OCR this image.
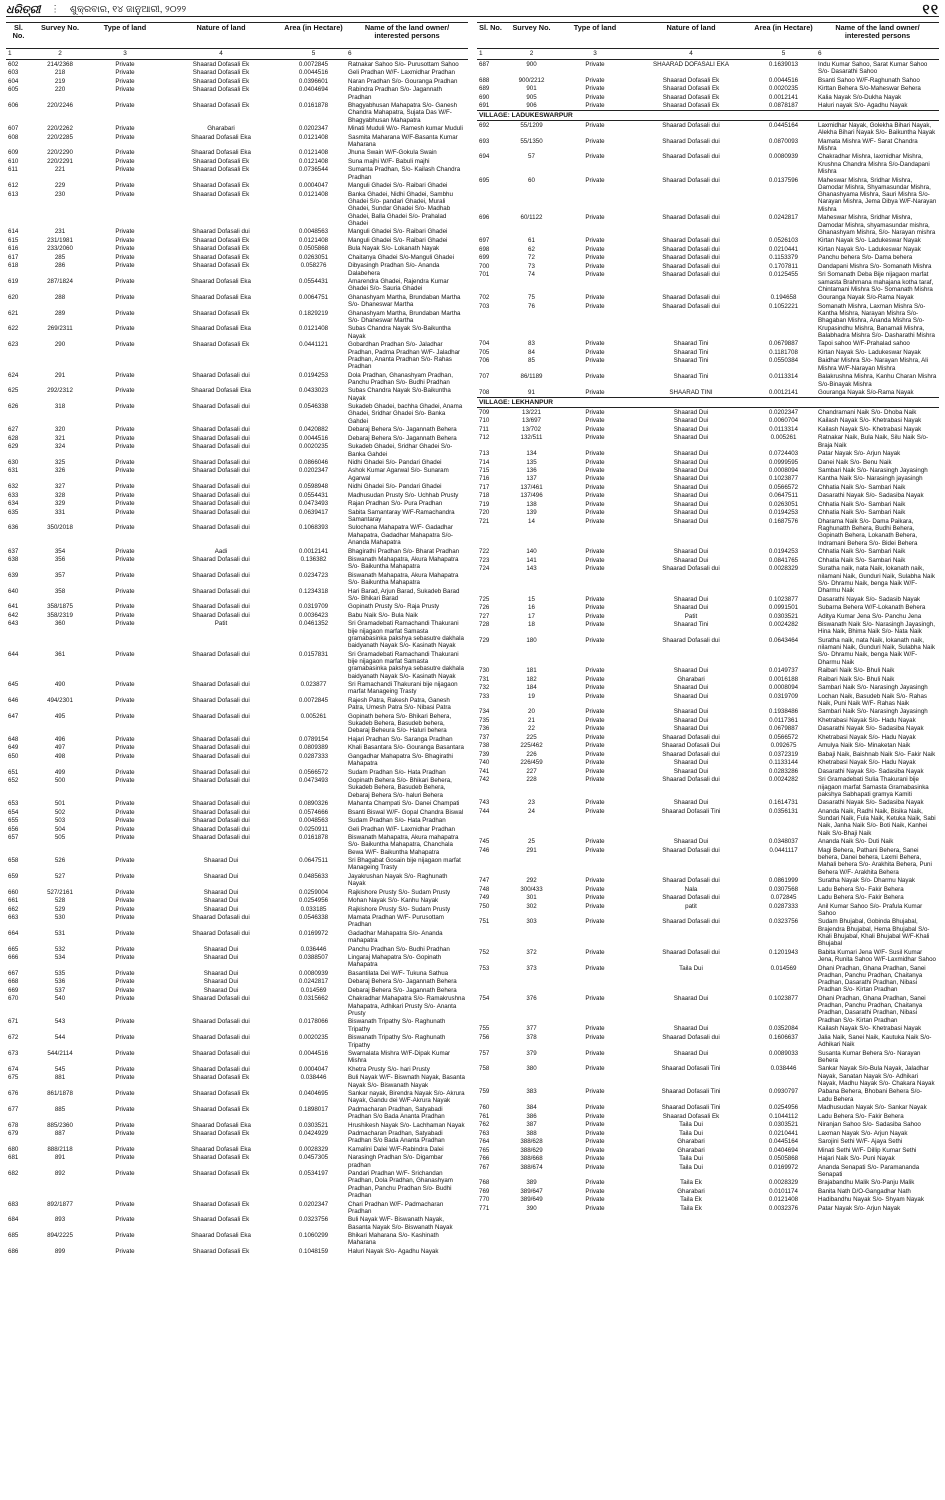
ଧରିତ୍ରୀ ⋮ ଶୁକ୍ରବାର, ୧୪ ଜାନୁଆରୀ, ୨୦୨୨	୧୧
Sl. No.	Survey No.	Type of land	Nature of land	Area (in Hectare)	Name of the land owner/ interested persons
1	2	3	4	5	6
602	214/2368	Private	Shaarad Dofasali Ek	0.0072845	Ratnakar Sahoo S/o- Purusottam Sahoo
603	218	Private	Shaarad Dofasali Ek	0.0044516	Geli Pradhan W/F- Laxmidhar Pradhan
604	219	Private	Shaarad Dofasali Ek	0.0396601	Naran Pradhan S/o- Gouranga Pradhan
605	220	Private	Shaarad Dofasali Ek	0.0404694	Rabindra Pradhan S/o- Jagannath Pradhan
606	220/2246	Private	Shaarad Dofasali Ek	0.0161878	Bhagyabhusan Mahapatra S/o- Ganesh Chandra Mahapatra, Sujata Das W/F- Bhagyabhusan Mahapatra
607	220/2262	Private	Gharabari	0.0202347	Minati Muduli W/o- Ramesh kumar Muduli
608	220/2285	Private	Shaarad Dofasali Eka	0.0121408	Sasmita Maharana W/F-Basanta Kumar Maharana
609	220/2290	Private	Shaarad Dofasali Eka	0.0121408	Jhuna Swain W/F-Gokula Swain
610	220/2291	Private	Shaarad Dofasali Ek	0.0121408	Suna majhi W/F- Babuli majhi
611	221	Private	Shaarad Dofasali Ek	0.0736544	Sumanta Pradhan, S/o- Kailash Chandra Pradhan
612	229	Private	Shaarad Dofasali Ek	0.0004047	Manguli Ghadei S/o- Raibari Ghadei
613	230	Private	Shaarad Dofasali Ek	0.0121408	Banka Ghadei, Nidhi Ghadei, Sambhu Ghadei S/o- pandari Ghadei, Murali Ghadei, Sundar Ghadei S/o- Madhab Ghadei, Balla Ghadei S/o- Prahalad Ghadei
614	231	Private	Shaarad Dofasali dui	0.0048563	Manguli Ghadei S/o- Raibari Ghadei
615	231/1981	Private	Shaarad Dofasali Ek	0.0121408	Manguli Ghadei S/o- Raibari Ghadei
616	233/2060	Private	Shaarad Dofasali Ek	0.0505868	Bula Nayak S/o- Lokanath Nayak
617	285	Private	Shaarad Dofasali Ek	0.0263051	Chaitanya Ghadei S/o-Manguli Ghadei
618	286	Private	Shaarad Dofasali Ek	0.058276	Dibyasingh Pradhan S/o- Ananda Dalabehera
619	287/1824	Private	Shaarad Dofasali Eka	0.0554431	Amarendra Ghadei, Rajendra Kumar Ghadei S/o- Sauria Ghadei
620	288	Private	Shaarad Dofasali Eka	0.0064751	Ghanashyam Martha, Brundaban Martha S/o- Dhaneswar Martha
621	289	Private	Shaarad Dofasali Ek	0.1829219	Ghanashyam Martha, Brundaban Martha S/o- Dhaneswar Martha
622	269/2311	Private	Shaarad Dofasali Eka	0.0121408	Subas Chandra Nayak S/o-Baikuntha Nayak
623	290	Private	Shaarad Dofasali Ek	0.0441121	Gobardhan Pradhan S/o- Jaladhar Pradhan, Padma Pradhan W/F- Jaladhar Pradhan, Ananta Pradhan S/o- Rahas Pradhan
624	291	Private	Shaarad Dofasali dui	0.0194253	Dola Pradhan, Ghanashyam Pradhan, Panchu Pradhan S/o- Budhi Pradhan
625	292/2312	Private	Shaarad Dofasali Eka	0.0433023	Subas Chandra Nayak S/o-Baikuntha Nayak
626	318	Private	Shaarad Dofasali dui	0.0546338	Sukadeb Ghadei, bachha Ghadei, Anama Ghadei, Sridhar Ghadei S/o- Banka Gahdei
627	320	Private	Shaarad Dofasali dui	0.0420882	Debaraj Behera S/o- Jagannath Behera
628	321	Private	Shaarad Dofasali dui	0.0044516	Debaraj Behera S/o- Jagannath Behera
629	324	Private	Shaarad Dofasali dui	0.0020235	Sukadeb Ghadei, Sridhar Ghadei S/o- Banka Gahdei
630	325	Private	Shaarad Dofasali dui	0.0866046	Nidhi Ghadei S/o- Pandari Ghadei
631	326	Private	Shaarad Dofasali dui	0.0202347	Ashok Kumar Agarwal S/o- Sunaram Agarwal
632	327	Private	Shaarad Dofasali dui	0.0598948	Nidhi Ghadei S/o- Pandari Ghadei
633	328	Private	Shaarad Dofasali dui	0.0554431	Madhusudan Prusty S/o- Uchhab Prusty
634	329	Private	Shaarad Dofasali dui	0.0473493	Rajan Pradhan S/o- Pura Pradhan
635	331	Private	Shaarad Dofasali dui	0.0639417	Sabita Samantaray W/F-Ramachandra Samantaray
636	350/2018	Private	Shaarad Dofasali dui	0.1068393	Sulochana Mahapatra W/F- Gadadhar Mahapatra, Gadadhar Mahapatra S/o- Ananda Mahapatra
637	354	Private	Aadi	0.0012141	Bhagirathi Pradhan S/o- Bharat Pradhan
638	356	Private	Shaarad Dofasali dui	0.136382	Biswanath Mahapatra, Akura Mahapatra S/o- Baikuntha Mahapatra
639	357	Private	Shaarad Dofasali dui	0.0234723	Biswanath Mahapatra, Akura Mahapatra S/o- Baikuntha Mahapatra
640	358	Private	Shaarad Dofasali dui	0.1234318	Hari Barad, Arjun Barad, Sukadeb Barad S/o- Bhikari Barad
641	358/1875	Private	Shaarad Dofasali dui	0.0319709	Gopinath Prusty S/o- Raja Prusty
642	358/2319	Private	Shaarad Dofasali dui	0.0036423	Babu Naik S/o- Bula Naik
643	360	Private	Patit	0.0461352	Sri Gramadebati Ramachandi Thakurani bije nijagaon marfat Samasta gramabasinka pakshya sebasutre dakhala baidyanath Nayak S/o- Kasinath Nayak
644	361	Private	Shaarad Dofasali dui	0.0157831	Sri Gramadebati Ramachandi Thakurani bije nijagaon marfat Samasta gramabasinka pakshya sebasutre dakhala baidyanath Nayak S/o- Kasinath Nayak
645	490	Private	Shaarad Dofasali dui	0.023877	Sri Ramachandi Thakurani bije nijagaon marfat Manageing Trasty
646	494/2301	Private	Shaarad Dofasali dui	0.0072845	Rajesh Patra, Rakesh Patra, Ganesh Patra, Umesh Patra S/o- Nibasi Patra
647	495	Private	Shaarad Dofasali dui	0.005261	Gopinath behera S/o- Bhikari Behera, Sukadeb Behera, Basudeb behera, Debaraj Beheura S/o- Haluri behera
648	496	Private	Shaarad Dofasali dui	0.0789154	Hajari Pradhan S/o- Saranga Pradhan
649	497	Private	Shaarad Dofasali dui	0.0809389	Khali Basantara S/o- Gouranga Basantara
650	498	Private	Shaarad Dofasali dui	0.0287333	Gangadhar Mahapatra S/o- Bhagirathi Mahapatra
651	499	Private	Shaarad Dofasali dui	0.0566572	Sudam Pradhan S/o- Hata Pradhan
652	500	Private	Shaarad Dofasali dui	0.0473493	Gopinath Behera S/o- Bhikari Behera, Sukadeb Behera, Basudeb Behera, Debaraj Behera S/o- haluri Behera
653	501	Private	Shaarad Dofasali dui	0.0890326	Mahanta Champati S/o- Danei Champati
654	502	Private	Shaarad Dofasali dui	0.0574666	Bsanti Biswal W/F- Gopal Chandra Biswal
655	503	Private	Shaarad Dofasali dui	0.0048563	Sudam Pradhan S/o- Hata Pradhan
656	504	Private	Shaarad Dofasali dui	0.0250911	Geli Pradhan W/F- Laxmidhar Pradhan
657	505	Private	Shaarad Dofasali dui	0.0161878	Biswanath Mahapatra, Akura mahapatra S/o- Baikuntha Mahapatra, Chanchala Bewa W/F- Baikuntha Mahapatra
658	526	Private	Shaarad Dui	0.0647511	Sri Bhagabat Gosain bije nijagaon marfat Manageing Trasty
659	527	Private	Shaarad Dui	0.0485633	Jayakrushan Nayak S/o- Raghunath Nayak
660	527/2161	Private	Shaarad Dui	0.0259004	Rajkishore Prusty S/o- Sudam Prusty
661	528	Private	Shaarad Dui	0.0254956	Mohan Nayak S/o- Kanhu Nayak
662	529	Private	Shaarad Dui	0.033185	Rajkishore Prusty S/o- Sudam Prusty
663	530	Private	Shaarad Dofasali dui	0.0546338	Mamata Pradhan W/F- Purusottam Pradhan
664	531	Private	Shaarad Dofasali dui	0.0169972	Gadadhar Mahapatra S/o- Ananda mahapatra
665	532	Private	Shaarad Dui	0.036446	Panchu Pradhan S/o- Budhi Pradhan
666	534	Private	Shaarad Dui	0.0388507	Lingaraj Mahapatra S/o- Gopinath Mahapatra
667	535	Private	Shaarad Dui	0.0080939	Basantilata Dei W/F- Tukuna Sathua
668	536	Private	Shaarad Dui	0.0242817	Debaraj Behera S/o- Jagannath Behera
669	537	Private	Shaarad Dui	0.014569	Debaraj Behera S/o- Jagannath Behera
670	540	Private	Shaarad Dofasali dui	0.0315662	Chakradhar Mahapatra S/o- Ramakrushna Mahapatra, Adhikari Prusty S/o- Ananta Prusty
671	543	Private	Shaarad Dofasali dui	0.0178066	Biswanath Tripathy S/o- Raghunath Tripathy
672	544	Private	Shaarad Dofasali dui	0.0020235	Biswanath Tripathy S/o- Raghunath Tripathy
673	544/2114	Private	Shaarad Dofasali dui	0.0044516	Swarnalata Mishra W/F-Dipak Kumar Mishra
674	545	Private	Shaarad Dofasali dui	0.0004047	Khetra Prusty S/o- hari Prusty
675	881	Private	Shaarad Dofasali Ek	0.038446	Buli Nayak W/F- Biswnath Nayak, Basanta Nayak S/o- Biswanath Nayak
676	861/1878	Private	Shaarad Dofasali Ek	0.0404695	Sankar nayak, Birendra Nayak S/o- Akrura Nayak, Gandu dei W/F-Akrura Nayak
677	885	Private	Shaarad Dofasali Ek	0.1898017	Padmacharan Pradhan, Satyabadi Pradhan S/o Bada Ananta Pradhan
678	885/2360	Private	Shaarad Dofasali Eka	0.0303521	Hrushikesh Nayak S/o- Lachhaman Nayak
679	887	Private	Shaarad Dofasali Ek	0.0424929	Padmacharan Pradhan, Satyabadi Pradhan S/o Bada Ananta Pradhan
680	888/2118	Private	Shaarad Dofasali Eka	0.0028329	Kamalini Dalei W/F-Rabindra Dalei
681	891	Private	Shaarad Dofasali Ek	0.0457305	Narasingh Pradhan S/o- Digambar pradhan
682	892	Private	Shaarad Dofasali Ek	0.0534197	Pandari Pradhan W/F- Srichandan Pradhan, Dola Pradhan, Ghanashyam Pradhan, Panchu Pradhan S/o- Budhi Pradhan
683	892/1877	Private	Shaarad Dofasali Ek	0.0202347	Chari Pradhan W/F- Padmacharan Pradhan
684	893	Private	Shaarad Dofasali Ek	0.0323756	Buli Nayak W/F- Biswanath Nayak, Basanta Nayak S/o- Biswanath Nayak
685	894/2225	Private	Shaarad Dofasali Eka	0.1060299	Bhikari Maharana S/o- Kashinath Maharana
686	899	Private	Shaarad Dofasali Ek	0.1048159	Haluri Nayak S/o- Agadhu Nayak
Sl. No.	Survey No.	Type of land	Nature of land	Area (in Hectare)	Name of the land owner/ interested persons
1	2	3	4	5	6
687	900	Private	SHAARAD DOFASALI EKA	0.1639013	Indu Kumar Sahoo, Sarat Kumar Sahoo S/o- Dasarathi Sahoo
688	900/2212	Private	Shaarad Dofasali Ek	0.0044516	Bsanti Sahoo W/F-Raghunath Sahoo
689	901	Private	Shaarad Dofasali Ek	0.0020235	Kirttan Behera S/o-Maheswar Behera
690	905	Private	Shaarad Dofasali Ek	0.0012141	Kalia Nayak S/o-Dukha Nayak
691	906	Private	Shaarad Dofasali Ek	0.0878187	Haluri nayak S/o- Agadhu Nayak
VILLAGE: LADUKESWARPUR					
692	55/1209	Private	Shaarad Dofasali dui	0.0445164	Laxmidhar Nayak, Golekha Bihari Nayak, Alekha Bihari Nayak S/o- Baikuntha Nayak
693	55/1350	Private	Shaarad Dofasali dui	0.0870093	Mamata Mishra W/F- Sarat Chandra Mishra
694	57	Private	Shaarad Dofasali dui	0.0080939	Chakradhar Mishra, laxmidhar Mishra, Krushna Chandra Mishra S/o-Dandapani Mishra
695	60	Private	Shaarad Dofasali dui	0.0137596	Maheswar Mishra, Sridhar Mishra, Damodar Mishra, Shyamasundar Mishra, Ghanashyama Mishra, Sauri Mishra S/o- Narayan Mishra, Jema Dibya W/F-Narayan Mishra
696	60/1122	Private	Shaarad Dofasali dui	0.0242817	Maheswar Mishra, Sridhar Mishra, Damodar Mishra, shyamasundar mishra, Ghanashyam Mishra, S/o- Narayan mishra
697	61	Private	Shaarad Dofasali dui	0.0526103	Kirtan Nayak S/o- Ladukeswar Nayak
698	62	Private	Shaarad Dofasali dui	0.0210441	Kirtan Nayak S/o- Ladukeswar Nayak
699	72	Private	Shaarad Dofasali dui	0.1153379	Panchu behera S/o- Dama behera
700	73	Private	Shaarad Dofasali dui	0.1707811	Dandapani Mishra S/o- Somanath Mishra
701	74	Private	Shaarad Dofasali dui	0.0125455	Sri Somanath Deba Bije nijagaon marfat samasta Brahmana mahajana kotha taraf, Chintamani Mishra S/o- Somanath Mishra
702	75	Private	Shaarad Dofasali dui	0.194658	Gouranga Nayak S/o-Rama Nayak
703	76	Private	Shaarad Dofasali dui	0.1052221	Somanath Mishra, Laxman Mishra S/o- Kantha Mishra, Narayan Mishra S/o- Bhagaban Mishra, Ananda Mishra S/o- Krupasindhu Mishra, Banamali Mishra, Balabhadra Mishra S/o- Dasharathi Mishra
704	83	Private	Shaarad Tini	0.0679887	Tapoi sahoo W/F-Prahalad sahoo
705	84	Private	Shaarad Tini	0.1181708	Kirtan Nayak S/o- Ladukeswar Nayak
706	85	Private	Shaarad Tini	0.0550384	Baidhar Mishra S/o- Narayan Mishra, Ali Mishra W/F-Narayan Mishra
707	86/1189	Private	Shaarad Tini	0.0113314	Balakrushna Mishra, Kanhu Charan Mishra S/o-Binayak Mishra
708	91	Private	SHAARAD TINI	0.0012141	Gouranga Nayak S/o-Rama Nayak
VILLAGE: LEKHANPUR					
709	13/221	Private	Shaarad Dui	0.0202347	Chandramani Naik S/o- Dhoba Naik
710	13/697	Private	Shaarad Dui	0.0060704	Kailash Nayak S/o- Khetrabasi Nayak
711	13/702	Private	Shaarad Dui	0.0113314	Kailash Nayak S/o- Khetrabasi Nayak
712	132/511	Private	Shaarad Dui	0.005261	Ratnakar Naik, Bula Naik, Silu Naik S/o- Braja Naik
713	134	Private	Shaarad Dui	0.0724403	Patar Nayak S/o- Arjun Nayak
714	135	Private	Shaarad Dui	0.0999595	Danei Naik S/o- Benu Naik
715	136	Private	Shaarad Dui	0.0008094	Sambari Naik S/o- Narasingh Jayasingh
716	137	Private	Shaarad Dui	0.1023877	Kantha Naik S/o- Narasingh jayasingh
717	137/461	Private	Shaarad Dui	0.0566572	Chhatia Naik S/o- Sambari Naik
718	137/496	Private	Shaarad Dui	0.0647511	Dasarathi Nayak S/o- Sadasiba Nayak
719	138	Private	Shaarad Dui	0.0263051	Chhatia Naik S/o- Sambari Naik
720	139	Private	Shaarad Dui	0.0194253	Chhatia Naik S/o- Sambari Naik
721	14	Private	Shaarad Dui	0.1687576	Dharama Naik S/o- Dama Paikara, Raghunatth Behera, Budhi Behera, Gopinath Behera, Lokanath Behera, Indramani Behera S/o- Bidei Behera
722	140	Private	Shaarad Dui	0.0194253	Chhatia Naik S/o- Sambari Naik
723	141	Private	Shaarad Dui	0.0841765	Chhatia Naik S/o- Sambari Naik
724	143	Private	Shaarad Dofasali dui	0.0028329	Suratha naik, nata Naik, lokanath naik, nilamani Naik, Gunduri Naik, Sulabha Naik S/o- Dhramu Naik, benga Naik W/F- Dharmu Naik
725	15	Private	Shaarad Dui	0.1023877	Dasarathi Nayak S/o- Sadasib Nayak
726	16	Private	Shaarad Dui	0.0991501	Subarna Behera W/F-Lokanath Behera
727	17	Private	Patit	0.0303521	Aditya Kumar Jena S/o- Panchu Jena
728	18	Private	Shaarad Tini	0.0024282	Biswanath Naik S/o- Narasingh Jayasingh, Hina Naik, Bhima Naik S/o- Nata Naik
729	180	Private	Shaarad Dofasali dui	0.0643464	Suratha naik, nata Naik, lokanath naik, nilamani Naik, Gunduri Naik, Sulabha Naik S/o- Dhramu Naik, benga Naik W/F- Dharmu Naik
730	181	Private	Shaarad Dui	0.0149737	Raibari Naik S/o- Bhuli Naik
731	182	Private	Gharabari	0.0016188	Raibari Naik S/o- Bhuli Naik
732	184	Private	Shaarad Dui	0.0008094	Sambari Naik S/o- Narasingh Jayasingh
733	19	Private	Shaarad Dui	0.0319709	Lochan Naik, Basudeb Naik S/o- Rahas Naik, Puni Naik W/F- Rahas Naik
734	20	Private	Shaarad Dui	0.1938486	Sambari Naik S/o- Narasingh Jayasingh
735	21	Private	Shaarad Dui	0.0117361	Khetrabasi Nayak S/o- Hadu Nayak
736	22	Private	Shaarad Dui	0.0679887	Dasarathi Nayak S/o- Sadasiba Nayak
737	225	Private	Shaarad Dofasali dui	0.0566572	Khetrabasi Nayak S/o- Hadu Nayak
738	225/462	Private	Shaarad Dofasali Dui	0.092675	Amulya Naik S/o- Minaketan Naik
739	226	Private	Shaarad Dofasali dui	0.0372319	Babaji Naik, Baishnab Naik S/o- Fakir Naik
740	226/459	Private	Shaarad Dui	0.1133144	Khetrabasi Nayak S/o- Hadu Nayak
741	227	Private	Shaarad Dui	0.0283286	Dasarathi Nayak S/o- Sadasiba Nayak
742	228	Private	Shaarad Dofasali dui	0.0024282	Sri Gramadebati Sulia Thakurani bije nijagaon marfat Samasta Gramabasinka pakshya Sabhapati gramya Kamiti
743	23	Private	Shaarad Dui	0.1614731	Dasarathi Nayak S/o- Sadasiba Nayak
744	24	Private	Shaarad Dofasali Tini	0.0356131	Ananda Naik, Radhi Naik, Bisika Naik, Sundari Naik, Fula Naik, Ketuka Naik, Sabi Naik, Janha Naik S/o- Boti Naik, Kanhei Naik S/o-Bhaji Naik
745	25	Private	Shaarad Dui	0.0348037	Ananda Naik S/o- Duti Naik
746	291	Private	Shaarad Dofasali dui	0.0441117	Magi Behera, Pathani Behera, Sanei behera, Danei behera, Laxmi Behera, Mahali behera S/o- Arakhita Behera, Puni Behera W/F- Arakhita Behera
747	292	Private	Shaarad Dofasali dui	0.0861999	Suratha Nayak S/o- Dharmu Nayak
748	300/433	Private	Nala	0.0307568	Ladu Behera S/o- Fakir Behera
749	301	Private	Shaarad Dofasali dui	0.072845	Ladu Behera S/o- Fakir Behera
750	302	Private	patit	0.0287333	Anil Kumar Sahoo S/o- Prafula Kumar Sahoo
751	303	Private	Shaarad Dofasali dui	0.0323756	Sudam Bhujabal, Gobinda Bhujabal, Brajendra Bhujabal, Hema Bhujabal S/o- Khali Bhujabal, Khali Bhujabal W/F-Khali Bhujabal
752	372	Private	Shaarad Dofasali dui	0.1201943	Babita Kumari Jena W/F- Susil Kumar Jena, Runita Sahoo W/F-Laxmidhar Sahoo
753	373	Private	Taila Dui	0.014569	Dhani Pradhan, Ghana Pradhan, Sanei Pradhan, Panchu Pradhan, Chaitanya Pradhan, Dasarathi Pradhan, Nibasi Pradhan S/o- Kirtan Pradhan
754	376	Private	Shaarad Dui	0.1023877	Dhani Pradhan, Ghana Pradhan, Sanei Pradhan, Panchu Pradhan, Chaitanya Pradhan, Dasarathi Pradhan, Nibasi Pradhan S/o- Kirtan Pradhan
755	377	Private	Shaarad Dui	0.0352084	Kailash Nayak S/o- Khetrabasi Nayak
756	378	Private	Shaarad Dofasali dui	0.1606637	Jalia Naik, Sanei Naik, Kautuka Naik S/o- Adhikari Naik
757	379	Private	Shaarad Dui	0.0089033	Susanta Kumar Behera S/o- Narayan Behera
758	380	Private	Shaarad Dofasali Tini	0.038446	Sankar Nayak S/o-Bula Nayak, Jaladhar Nayak, Sanatan Nayak S/o- Adhikari Nayak, Madhu Nayak S/o- Chakara Nayak
759	383	Private	Shaarad Dofasali Tini	0.0930797	Pabana Behera, Bhobani Behera S/o- Ladu Behera
760	384	Private	Shaarad Dofasali Tini	0.0254956	Madhusudan Nayak S/o- Sankar Nayak
761	386	Private	Shaarad Dofasali Ek	0.1044112	Ladu Behera S/o- Fakir Behera
762	387	Private	Taila Dui	0.0303521	Niranjan Sahoo S/o- Sadasiba Sahoo
763	388	Private	Taila Dui	0.0210441	Laxman Nayak S/o- Arjun Nayak
764	388/628	Private	Gharabari	0.0445164	Sarojini Sethi W/F- Ajaya Sethi
765	388/629	Private	Gharabari	0.0404694	Minati Sethi W/F- Dillip Kumar Sethi
766	388/668	Private	Taila Dui	0.0505868	Hajari Naik S/o- Puni Nayak
767	388/674	Private	Taila Dui	0.0169972	Ananda Senapati S/o- Paramananda Senapati
768	389	Private	Taila Ek	0.0028329	Brajabandhu Malik S/o-Panju Malik
769	389/647	Private	Gharabari	0.0101174	Banita Nath D/O-Gangadhar Nath
770	389/649	Private	Taila Ek	0.0121408	Hadibandhu Nayak S/o- Shyam Nayak
771	390	Private	Taila Ek	0.0032376	Patar Nayak S/o- Arjun Nayak
